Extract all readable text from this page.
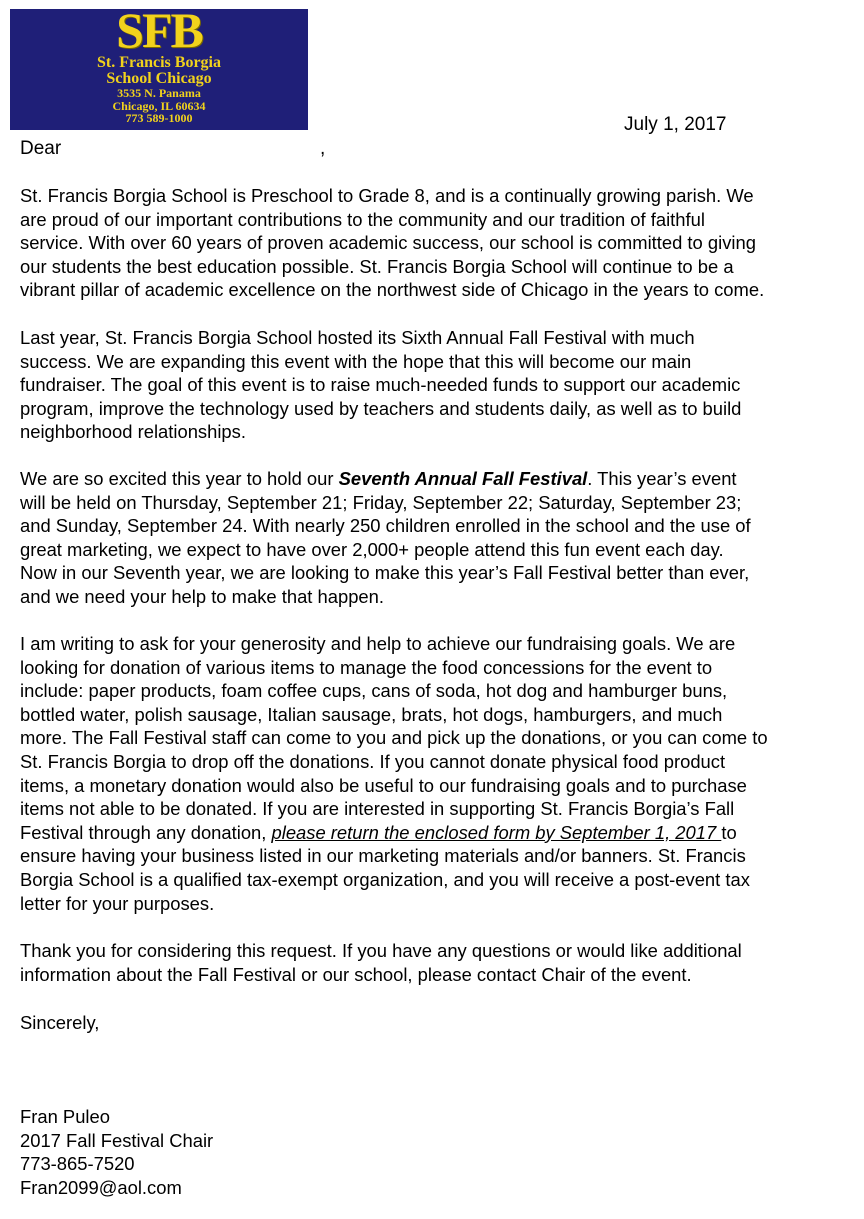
SFB
St. Francis Borgia
School Chicago
3535 N. Panama
Chicago, IL 60634
773 589-1000	July 1, 2017
Dear	,
St. Francis Borgia School is Preschool to Grade 8, and is a continually growing parish. We
are proud of our important contributions to the community and our tradition of faithful
service. With over 60 years of proven academic success, our school is committed to giving
our students the best education possible. St. Francis Borgia School will continue to be a
vibrant pillar of academic excellence on the northwest side of Chicago in the years to come.
Last year, St. Francis Borgia School hosted its Sixth Annual Fall Festival with much
success. We are expanding this event with the hope that this will become our main
fundraiser. The goal of this event is to raise much-needed funds to support our academic
program, improve the technology used by teachers and students daily, as well as to build
neighborhood relationships.
We are so excited this year to hold our Seventh Annual Fall Festival. This year’s event
will be held on Thursday, September 21; Friday, September 22; Saturday, September 23;
and Sunday, September 24. With nearly 250 children enrolled in the school and the use of
great marketing, we expect to have over 2,000+ people attend this fun event each day.
Now in our Seventh year, we are looking to make this year’s Fall Festival better than ever,
and we need your help to make that happen.
I am writing to ask for your generosity and help to achieve our fundraising goals. We are
looking for donation of various items to manage the food concessions for the event to
include: paper products, foam coffee cups, cans of soda, hot dog and hamburger buns,
bottled water, polish sausage, Italian sausage, brats, hot dogs, hamburgers, and much
more. The Fall Festival staff can come to you and pick up the donations, or you can come to
St. Francis Borgia to drop off the donations. If you cannot donate physical food product
items, a monetary donation would also be useful to our fundraising goals and to purchase
items not able to be donated. If you are interested in supporting St. Francis Borgia’s Fall
Festival through any donation, please return the enclosed form by September 1, 2017 to
ensure having your business listed in our marketing materials and/or banners. St. Francis
Borgia School is a qualified tax-exempt organization, and you will receive a post-event tax
letter for your purposes.
Thank you for considering this request. If you have any questions or would like additional
information about the Fall Festival or our school, please contact Chair of the event.
Sincerely,
Fran Puleo
2017 Fall Festival Chair
773-865-7520
Fran2099@aol.com
